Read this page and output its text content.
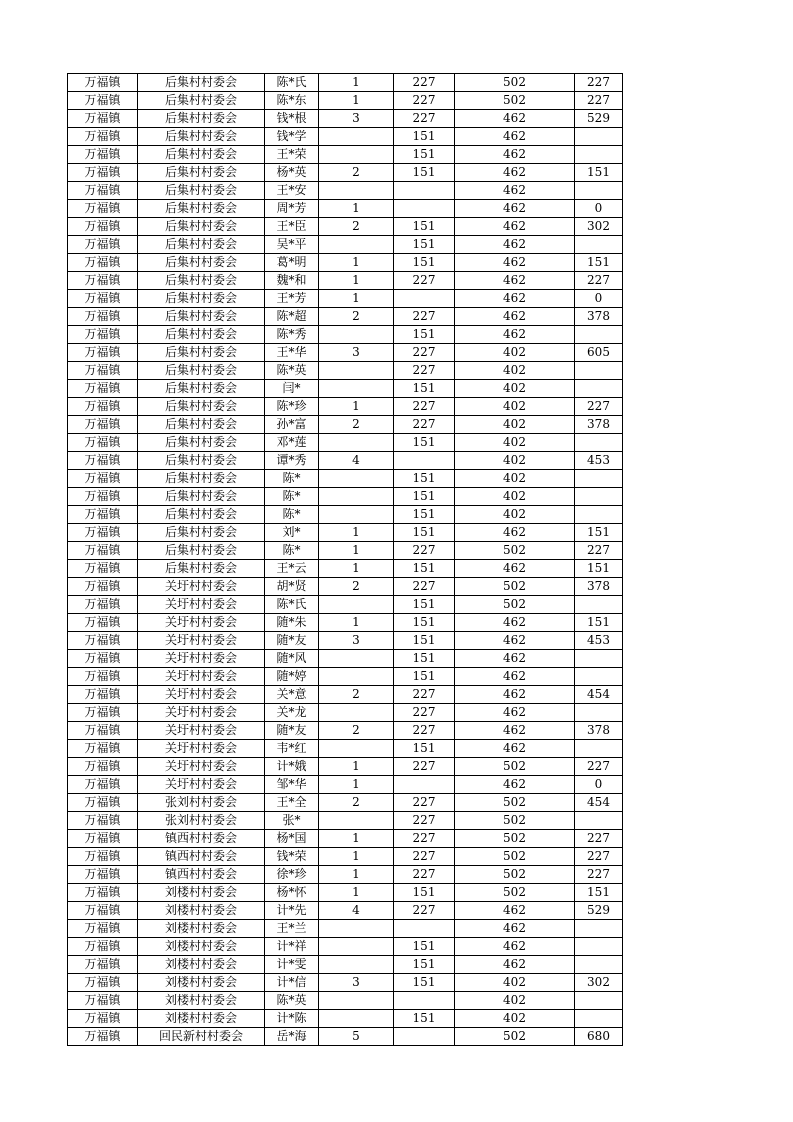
万福镇	后集村村委会	陈*氏	1	227	502	227
万福镇	后集村村委会	陈*东	1	227	502	227
万福镇	后集村村委会	钱*根	3	227	462	529
万福镇	后集村村委会	钱*学		151	462	
万福镇	后集村村委会	王*荣		151	462	
万福镇	后集村村委会	杨*英	2	151	462	151
万福镇	后集村村委会	王*安			462	
万福镇	后集村村委会	周*芳	1		462	0
万福镇	后集村村委会	王*臣	2	151	462	302
万福镇	后集村村委会	吴*平		151	462	
万福镇	后集村村委会	葛*明	1	151	462	151
万福镇	后集村村委会	魏*和	1	227	462	227
万福镇	后集村村委会	王*芳	1		462	0
万福镇	后集村村委会	陈*超	2	227	462	378
万福镇	后集村村委会	陈*秀		151	462	
万福镇	后集村村委会	王*华	3	227	402	605
万福镇	后集村村委会	陈*英		227	402	
万福镇	后集村村委会	闫*		151	402	
万福镇	后集村村委会	陈*珍	1	227	402	227
万福镇	后集村村委会	孙*富	2	227	402	378
万福镇	后集村村委会	邓*莲		151	402	
万福镇	后集村村委会	谭*秀	4		402	453
万福镇	后集村村委会	陈*		151	402	
万福镇	后集村村委会	陈*		151	402	
万福镇	后集村村委会	陈*		151	402	
万福镇	后集村村委会	刘*	1	151	462	151
万福镇	后集村村委会	陈*	1	227	502	227
万福镇	后集村村委会	王*云	1	151	462	151
万福镇	关圩村村委会	胡*贤	2	227	502	378
万福镇	关圩村村委会	陈*氏		151	502	
万福镇	关圩村村委会	随*朱	1	151	462	151
万福镇	关圩村村委会	随*友	3	151	462	453
万福镇	关圩村村委会	随*风		151	462	
万福镇	关圩村村委会	随*婷		151	462	
万福镇	关圩村村委会	关*意	2	227	462	454
万福镇	关圩村村委会	关*龙		227	462	
万福镇	关圩村村委会	随*友	2	227	462	378
万福镇	关圩村村委会	韦*红		151	462	
万福镇	关圩村村委会	计*娥	1	227	502	227
万福镇	关圩村村委会	邹*华	1		462	0
万福镇	张刘村村委会	王*全	2	227	502	454
万福镇	张刘村村委会	张*		227	502	
万福镇	镇西村村委会	杨*国	1	227	502	227
万福镇	镇西村村委会	钱*荣	1	227	502	227
万福镇	镇西村村委会	徐*珍	1	227	502	227
万福镇	刘楼村村委会	杨*怀	1	151	502	151
万福镇	刘楼村村委会	计*先	4	227	462	529
万福镇	刘楼村村委会	王*兰			462	
万福镇	刘楼村村委会	计*祥		151	462	
万福镇	刘楼村村委会	计*雯		151	462	
万福镇	刘楼村村委会	计*信	3	151	402	302
万福镇	刘楼村村委会	陈*英			402	
万福镇	刘楼村村委会	计*陈		151	402	
万福镇	回民新村村委会	岳*海	5		502	680
